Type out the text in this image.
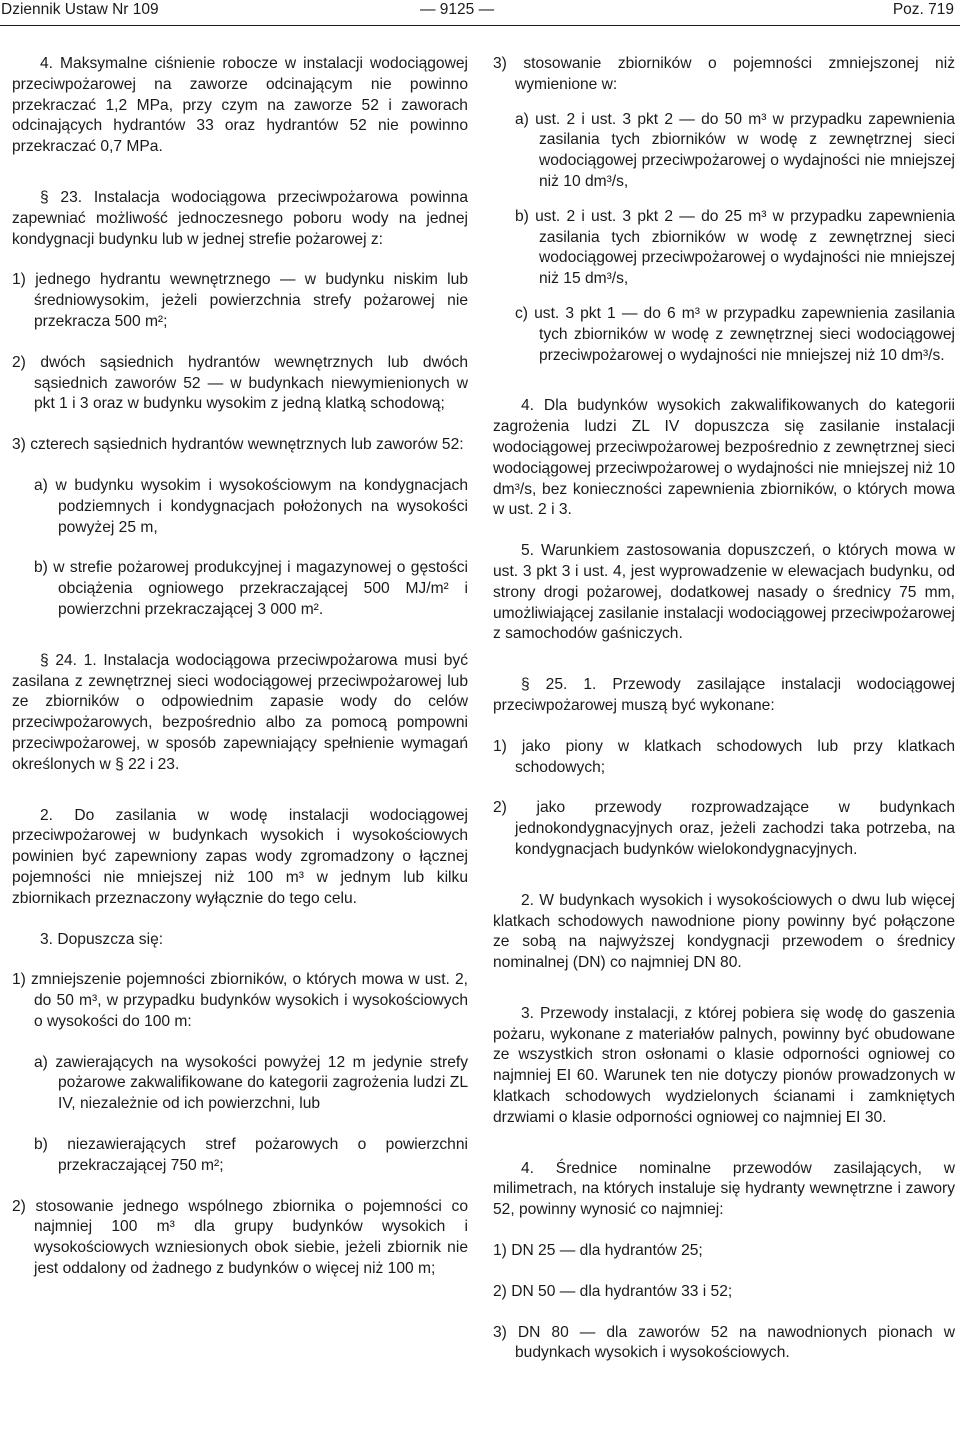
Dziennik Ustaw Nr 109	— 9125 —	Poz. 719

4. Maksymalne ciśnienie robocze w instalacji wodociągowej przeciwpożarowej na zaworze odcinającym nie powinno przekraczać 1,2 MPa, przy czym na zaworze 52 i zaworach odcinających hydrantów 33 oraz hydrantów 52 nie powinno przekraczać 0,7 MPa.

§ 23. Instalacja wodociągowa przeciwpożarowa powinna zapewniać możliwość jednoczesnego poboru wody na jednej kondygnacji budynku lub w jednej strefie pożarowej z:

1) jednego hydrantu wewnętrznego — w budynku niskim lub średniowysokim, jeżeli powierzchnia strefy pożarowej nie przekracza 500 m²;

2) dwóch sąsiednich hydrantów wewnętrznych lub dwóch sąsiednich zaworów 52 — w budynkach niewymienionych w pkt 1 i 3 oraz w budynku wysokim z jedną klatką schodową;

3) czterech sąsiednich hydrantów wewnętrznych lub zaworów 52:

a) w budynku wysokim i wysokościowym na kondygnacjach podziemnych i kondygnacjach położonych na wysokości powyżej 25 m,

b) w strefie pożarowej produkcyjnej i magazynowej o gęstości obciążenia ogniowego przekraczającej 500 MJ/m² i powierzchni przekraczającej 3 000 m².

§ 24. 1. Instalacja wodociągowa przeciwpożarowa musi być zasilana z zewnętrznej sieci wodociągowej przeciwpożarowej lub ze zbiorników o odpowiednim zapasie wody do celów przeciwpożarowych, bezpośrednio albo za pomocą pompowni przeciwpożarowej, w sposób zapewniający spełnienie wymagań określonych w § 22 i 23.

2. Do zasilania w wodę instalacji wodociągowej przeciwpożarowej w budynkach wysokich i wysokościowych powinien być zapewniony zapas wody zgromadzony o łącznej pojemności nie mniejszej niż 100 m³ w jednym lub kilku zbiornikach przeznaczony wyłącznie do tego celu.

3. Dopuszcza się:

1) zmniejszenie pojemności zbiorników, o których mowa w ust. 2, do 50 m³, w przypadku budynków wysokich i wysokościowych o wysokości do 100 m:

a) zawierających na wysokości powyżej 12 m jedynie strefy pożarowe zakwalifikowane do kategorii zagrożenia ludzi ZL IV, niezależnie od ich powierzchni, lub

b) niezawierających stref pożarowych o powierzchni przekraczającej 750 m²;

2) stosowanie jednego wspólnego zbiornika o pojemności co najmniej 100 m³ dla grupy budynków wysokich i wysokościowych wzniesionych obok siebie, jeżeli zbiornik nie jest oddalony od żadnego z budynków o więcej niż 100 m;

3) stosowanie zbiorników o pojemności zmniejszonej niż wymienione w:

a) ust. 2 i ust. 3 pkt 2 — do 50 m³ w przypadku zapewnienia zasilania tych zbiorników w wodę z zewnętrznej sieci wodociągowej przeciwpożarowej o wydajności nie mniejszej niż 10 dm³/s,

b) ust. 2 i ust. 3 pkt 2 — do 25 m³ w przypadku zapewnienia zasilania tych zbiorników w wodę z zewnętrznej sieci wodociągowej przeciwpożarowej o wydajności nie mniejszej niż 15 dm³/s,

c) ust. 3 pkt 1 — do 6 m³ w przypadku zapewnienia zasilania tych zbiorników w wodę z zewnętrznej sieci wodociągowej przeciwpożarowej o wydajności nie mniejszej niż 10 dm³/s.

4. Dla budynków wysokich zakwalifikowanych do kategorii zagrożenia ludzi ZL IV dopuszcza się zasilanie instalacji wodociągowej przeciwpożarowej bezpośrednio z zewnętrznej sieci wodociągowej przeciwpożarowej o wydajności nie mniejszej niż 10 dm³/s, bez konieczności zapewnienia zbiorników, o których mowa w ust. 2 i 3.

5. Warunkiem zastosowania dopuszczeń, o których mowa w ust. 3 pkt 3 i ust. 4, jest wyprowadzenie w elewacjach budynku, od strony drogi pożarowej, dodatkowej nasady o średnicy 75 mm, umożliwiającej zasilanie instalacji wodociągowej przeciwpożarowej z samochodów gaśniczych.

§ 25. 1. Przewody zasilające instalacji wodociągowej przeciwpożarowej muszą być wykonane:

1) jako piony w klatkach schodowych lub przy klatkach schodowych;

2) jako przewody rozprowadzające w budynkach jednokondygnacyjnych oraz, jeżeli zachodzi taka potrzeba, na kondygnacjach budynków wielokondygnacyjnych.

2. W budynkach wysokich i wysokościowych o dwu lub więcej klatkach schodowych nawodnione piony powinny być połączone ze sobą na najwyższej kondygnacji przewodem o średnicy nominalnej (DN) co najmniej DN 80.

3. Przewody instalacji, z której pobiera się wodę do gaszenia pożaru, wykonane z materiałów palnych, powinny być obudowane ze wszystkich stron osłonami o klasie odporności ogniowej co najmniej EI 60. Warunek ten nie dotyczy pionów prowadzonych w klatkach schodowych wydzielonych ścianami i zamkniętych drzwiami o klasie odporności ogniowej co najmniej EI 30.

4. Średnice nominalne przewodów zasilających, w milimetrach, na których instaluje się hydranty wewnętrzne i zawory 52, powinny wynosić co najmniej:

1) DN 25 — dla hydrantów 25;

2) DN 50 — dla hydrantów 33 i 52;

3) DN 80 — dla zaworów 52 na nawodnionych pionach w budynkach wysokich i wysokościowych.
